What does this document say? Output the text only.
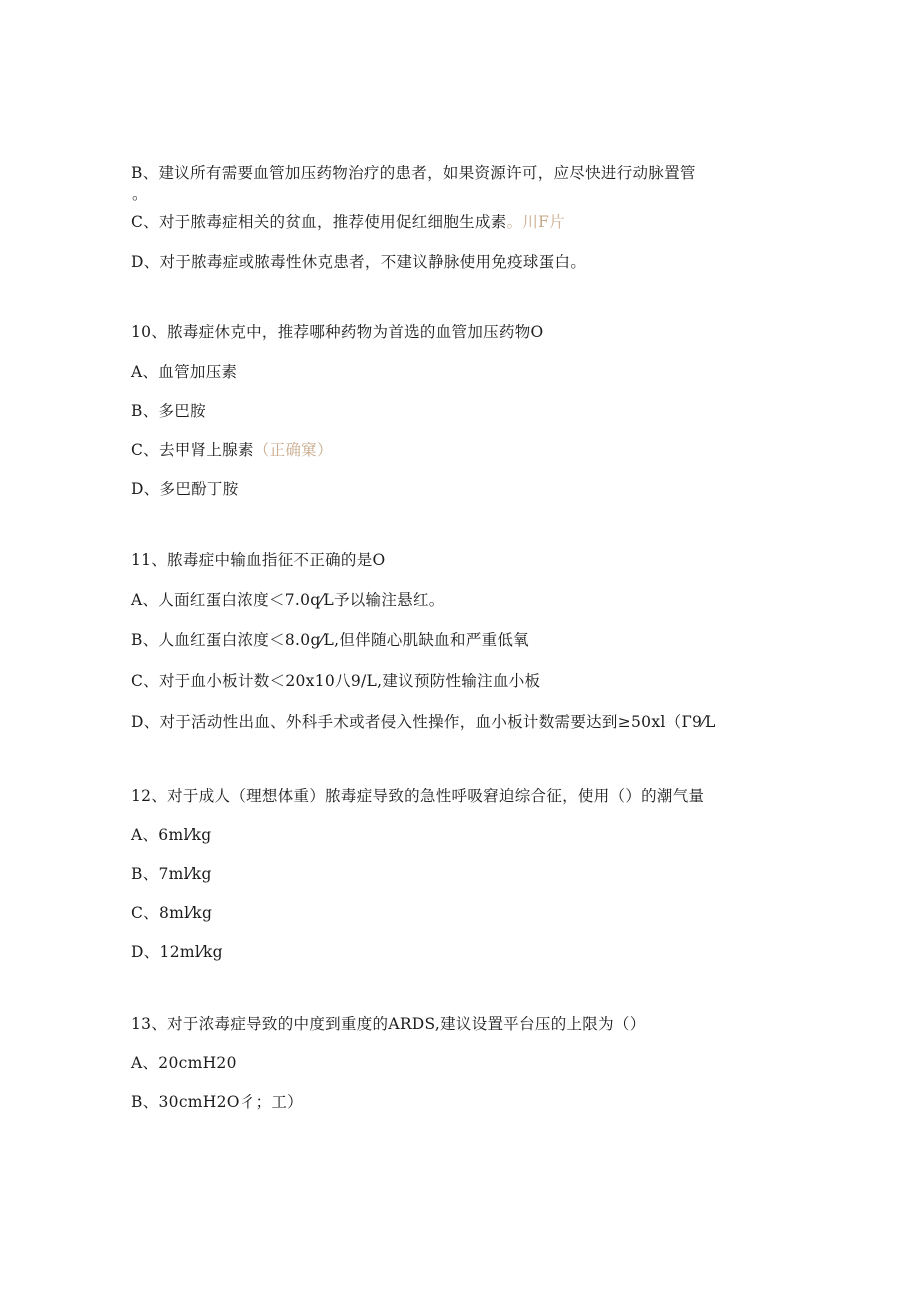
B、建议所有需要血管加压药物治疗的患者，如果资源许可，应尽快进行动脉置管
。
C、对于脓毒症相关的贫血，推荐使用促红细胞生成素。川F片
D、对于脓毒症或脓毒性休克患者，不建议静脉使用免疫球蛋白。
10、脓毒症休克中，推荐哪种药物为首选的血管加压药物O
A、血管加压素
B、多巴胺
C、去甲肾上腺素（正确窠）
D、多巴酚丁胺
11、脓毒症中输血指征不正确的是O
A、人面红蛋白浓度＜7.0q⁄L予以输注悬红。
B、人血红蛋白浓度＜8.0g⁄L,但伴随心肌缺血和严重低氧
C、对于血小板计数＜20x10八9/L,建议预防性输注血小板
D、对于活动性出血、外科手术或者侵入性操作，血小板计数需要达到≥50xl（Г9⁄L
12、对于成人（理想体重）脓毒症导致的急性呼吸窘迫综合征，使用（）的潮气量
A、6ml⁄kg
B、7ml⁄kg
C、8ml⁄kg
D、12ml⁄kg
13、对于浓毒症导致的中度到重度的ARDS,建议设置平台压的上限为（）
A、20cmH20
B、30cmH2O彳；工）
